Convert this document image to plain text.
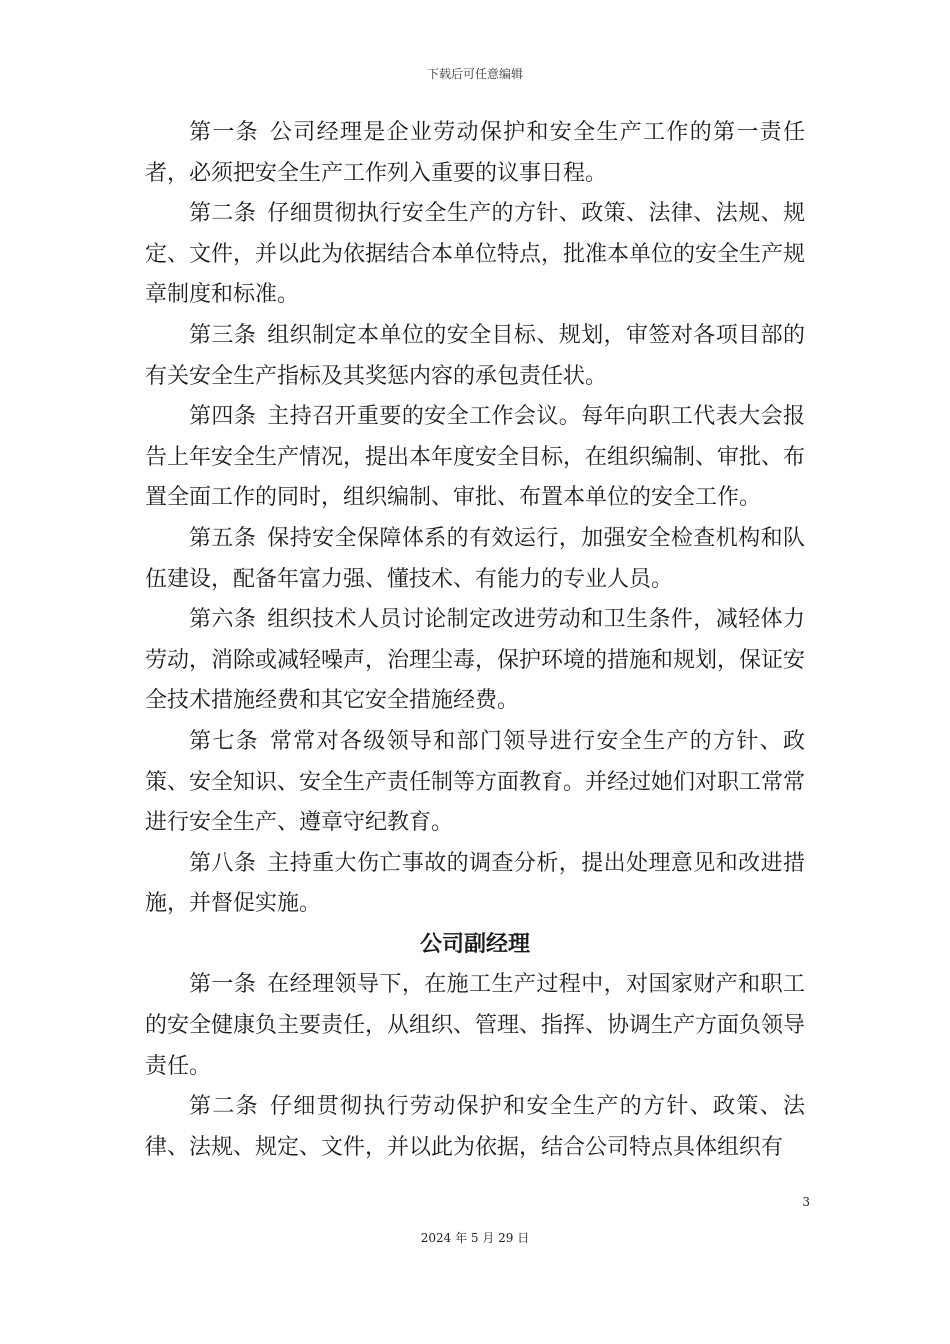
下载后可任意编辑

第一条 公司经理是企业劳动保护和安全生产工作的第一责任者，必须把安全生产工作列入重要的议事日程。

第二条 仔细贯彻执行安全生产的方针、政策、法律、法规、规定、文件，并以此为依据结合本单位特点，批准本单位的安全生产规章制度和标准。

第三条 组织制定本单位的安全目标、规划，审签对各项目部的有关安全生产指标及其奖惩内容的承包责任状。

第四条 主持召开重要的安全工作会议。每年向职工代表大会报告上年安全生产情况，提出本年度安全目标，在组织编制、审批、布置全面工作的同时，组织编制、审批、布置本单位的安全工作。

第五条 保持安全保障体系的有效运行，加强安全检查机构和队伍建设，配备年富力强、懂技术、有能力的专业人员。

第六条 组织技术人员讨论制定改进劳动和卫生条件，减轻体力劳动，消除或减轻噪声，治理尘毒，保护环境的措施和规划，保证安全技术措施经费和其它安全措施经费。

第七条 常常对各级领导和部门领导进行安全生产的方针、政策、安全知识、安全生产责任制等方面教育。并经过她们对职工常常进行安全生产、遵章守纪教育。

第八条 主持重大伤亡事故的调查分析，提出处理意见和改进措施，并督促实施。

公司副经理

第一条 在经理领导下，在施工生产过程中，对国家财产和职工的安全健康负主要责任，从组织、管理、指挥、协调生产方面负领导责任。

第二条 仔细贯彻执行劳动保护和安全生产的方针、政策、法律、法规、规定、文件，并以此为依据，结合公司特点具体组织有

3
2024 年 5 月 29 日
